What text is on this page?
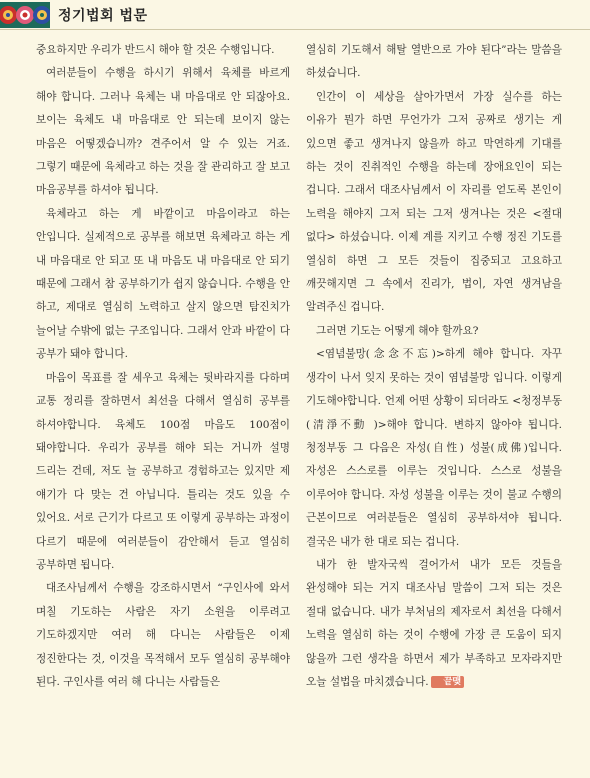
정기법회 법문

중요하지만 우리가 반드시 해야 할 것은 수행입니다.

여러분들이 수행을 하시기 위해서 육체를 바르게 해야 합니다. 그러나 육체는 내 마음대로 안 되잖아요. 보이는 육체도 내 마음대로 안 되는데 보이지 않는 마음은 어떻겠습니까? 견주어서 알 수 있는 거죠. 그렇기 때문에 육체라고 하는 것을 잘 관리하고 잘 보고 마음공부를 하셔야 됩니다.

육체라고 하는 게 바깥이고 마음이라고 하는 안입니다. 실제적으로 공부를 해보면 육체라고 하는 게 내 마음대로 안 되고 또 내 마음도 내 마음대로 안 되기 때문에 그래서 참 공부하기가 쉽지 않습니다. 수행을 안 하고, 제대로 열심히 노력하고 살지 않으면 탐진치가 늘어날 수밖에 없는 구조입니다. 그래서 안과 바깥이 다 공부가 돼야 합니다.

마음이 목표를 잘 세우고 육체는 뒷바라지를 다하며 교통 정리를 잘하면서 최선을 다해서 열심히 공부를 하셔야합니다. 육체도 100점 마음도 100점이 돼야합니다. 우리가 공부를 해야 되는 거니까 설명 드리는 건데, 저도 늘 공부하고 경험하고는 있지만 제 얘기가 다 맞는 건 아닙니다. 틀리는 것도 있을 수 있어요. 서로 근기가 다르고 또 이렇게 공부하는 과정이 다르기 때문에 여러분들이 감안해서 듣고 열심히 공부하면 됩니다.

대조사님께서 수행을 강조하시면서 “구인사에 와서 며칠 기도하는 사람은 자기 소원을 이루려고 기도하겠지만 여러 해 다니는 사람들은 이제 정진한다는 것, 이것을 목적해서 모두 열심히 공부해야 된다. 구인사를 여러 해 다니는 사람들은

열심히 기도해서 해탈 열반으로 가야 된다”라는 말씀을 하셨습니다.

인간이 이 세상을 살아가면서 가장 실수를 하는 이유가 뭔가 하면 무언가가 그저 공짜로 생기는 게 있으면 좋고 생겨나지 않을까 하고 막연하게 기대를 하는 것이 진취적인 수행을 하는데 장애요인이 되는 겁니다. 그래서 대조사님께서 이 자리를 얻도록 본인이 노력을 해야지 그저 되는 그저 생겨나는 것은 <절대 없다> 하셨습니다. 이제 계를 지키고 수행 정진 기도를 열심히 하면 그 모든 것들이 집중되고 고요하고 깨끗해지면 그 속에서 진리가, 법이, 자연 생겨남을 알려주신 겁니다.

그러면 기도는 어떻게 해야 할까요?

<염념불망(念念不忘)>하게 해야 합니다. 자꾸 생각이 나서 잊지 못하는 것이 염념불망 입니다. 이렇게 기도해야합니다. 언제 어떤 상황이 되더라도 <청정부동(清淨不動 )>해야 합니다. 변하지 않아야 됩니다. 청정부동 그 다음은 자성(自性) 성불(成佛)입니다. 자성은 스스로를 이루는 것입니다. 스스로 성불을 이루어야 합니다. 자성 성불을 이루는 것이 불교 수행의 근본이므로 여러분들은 열심히 공부하셔야 됩니다. 결국은 내가 한 대로 되는 겁니다.

내가 한 발자국씩 걸어가서 내가 모든 것들을 완성해야 되는 거지 대조사님 말씀이 그저 되는 것은 절대 없습니다. 내가 부처님의 제자로서 최선을 다해서 노력을 열심히 하는 것이 수행에 가장 큰 도움이 되지 않을까 그런 생각을 하면서 제가 부족하고 모자라지만 오늘 설법을 마치겠습니다. 끝맺
